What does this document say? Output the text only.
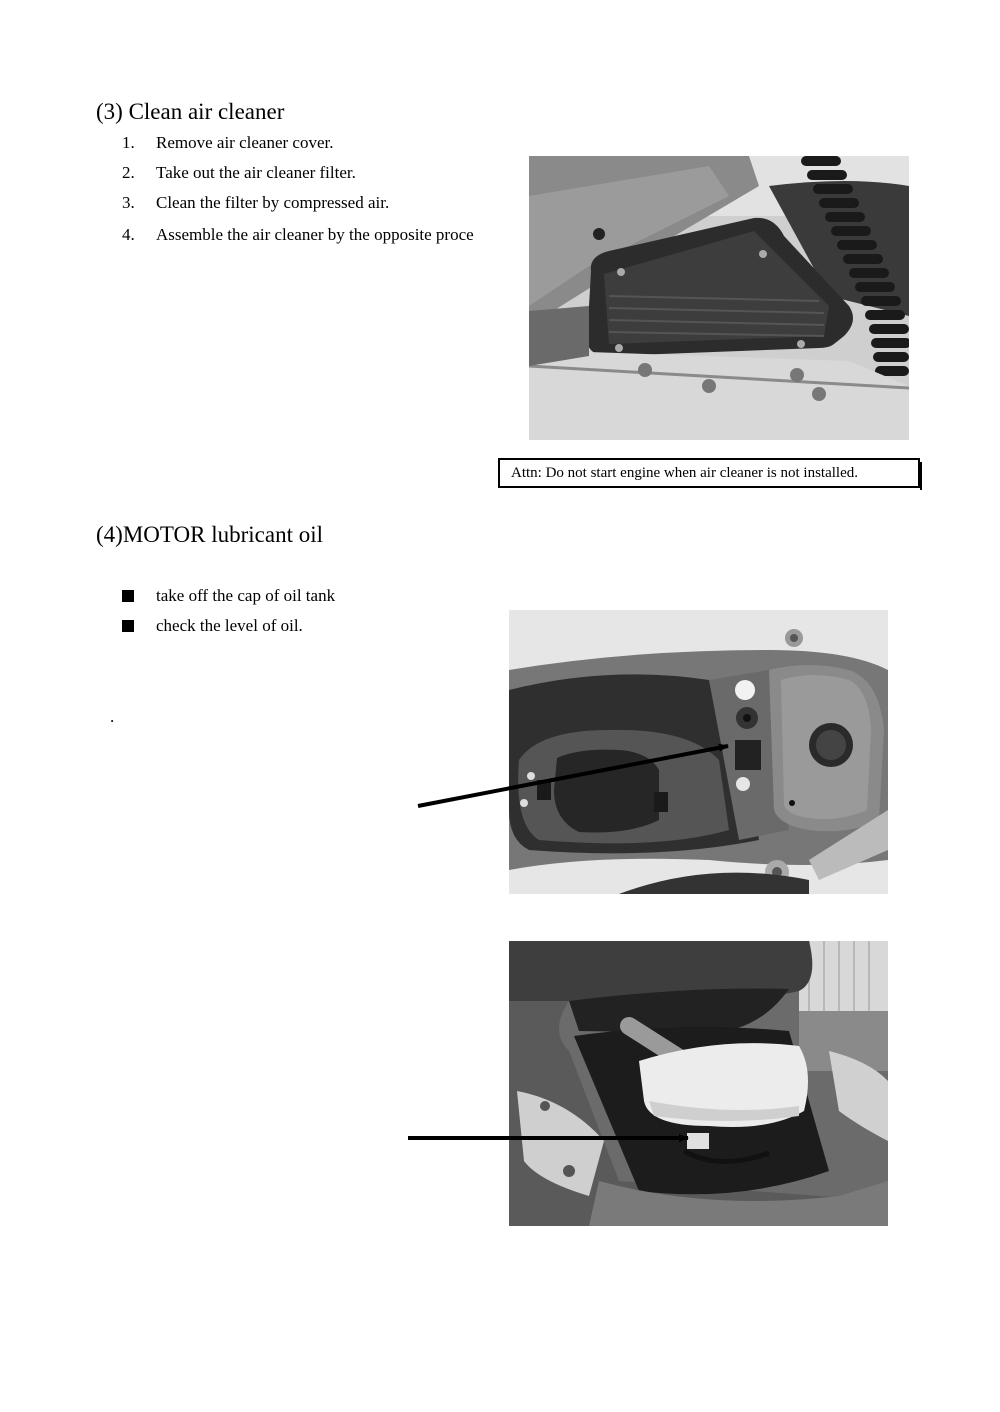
(3) Clean air cleaner
1. Remove air cleaner cover.
2. Take out the air cleaner filter.
3. Clean the filter by compressed air.
4. Assemble the air cleaner by the opposite proce
Attn: Do not start engine when air cleaner is not installed.
(4)MOTOR lubricant oil
take off the cap of oil tank
check the level of oil.
.
